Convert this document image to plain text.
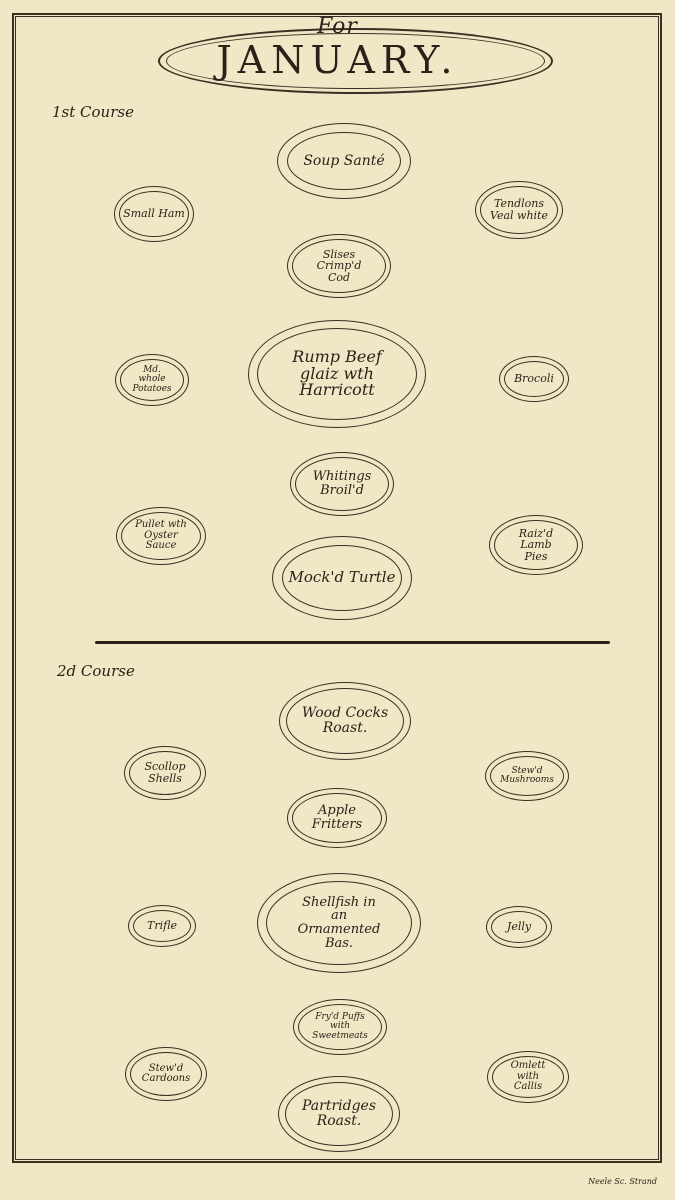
For
JANUARY.
1st Course
Soup Santé
Small Ham
Tendlons Veal white
Slises Crimp'd Cod
Md. whole Potatoes
Rump Beef glaiz wth Harricott
Brocoli
Whitings Broil'd
Pullet wth Oyster Sauce
Raiz'd Lamb Pies
Mock'd Turtle
2d Course
Wood Cocks Roast.
Scollop Shells
Stew'd Mushrooms
Apple Fritters
Trifle
Shellfish in an Ornamented Bas.
Jelly
Fry'd Puffs with Sweetmeats
Stew'd Cardoons
Omlett with Callis
Partridges Roast.
Neele Sc. Strand
